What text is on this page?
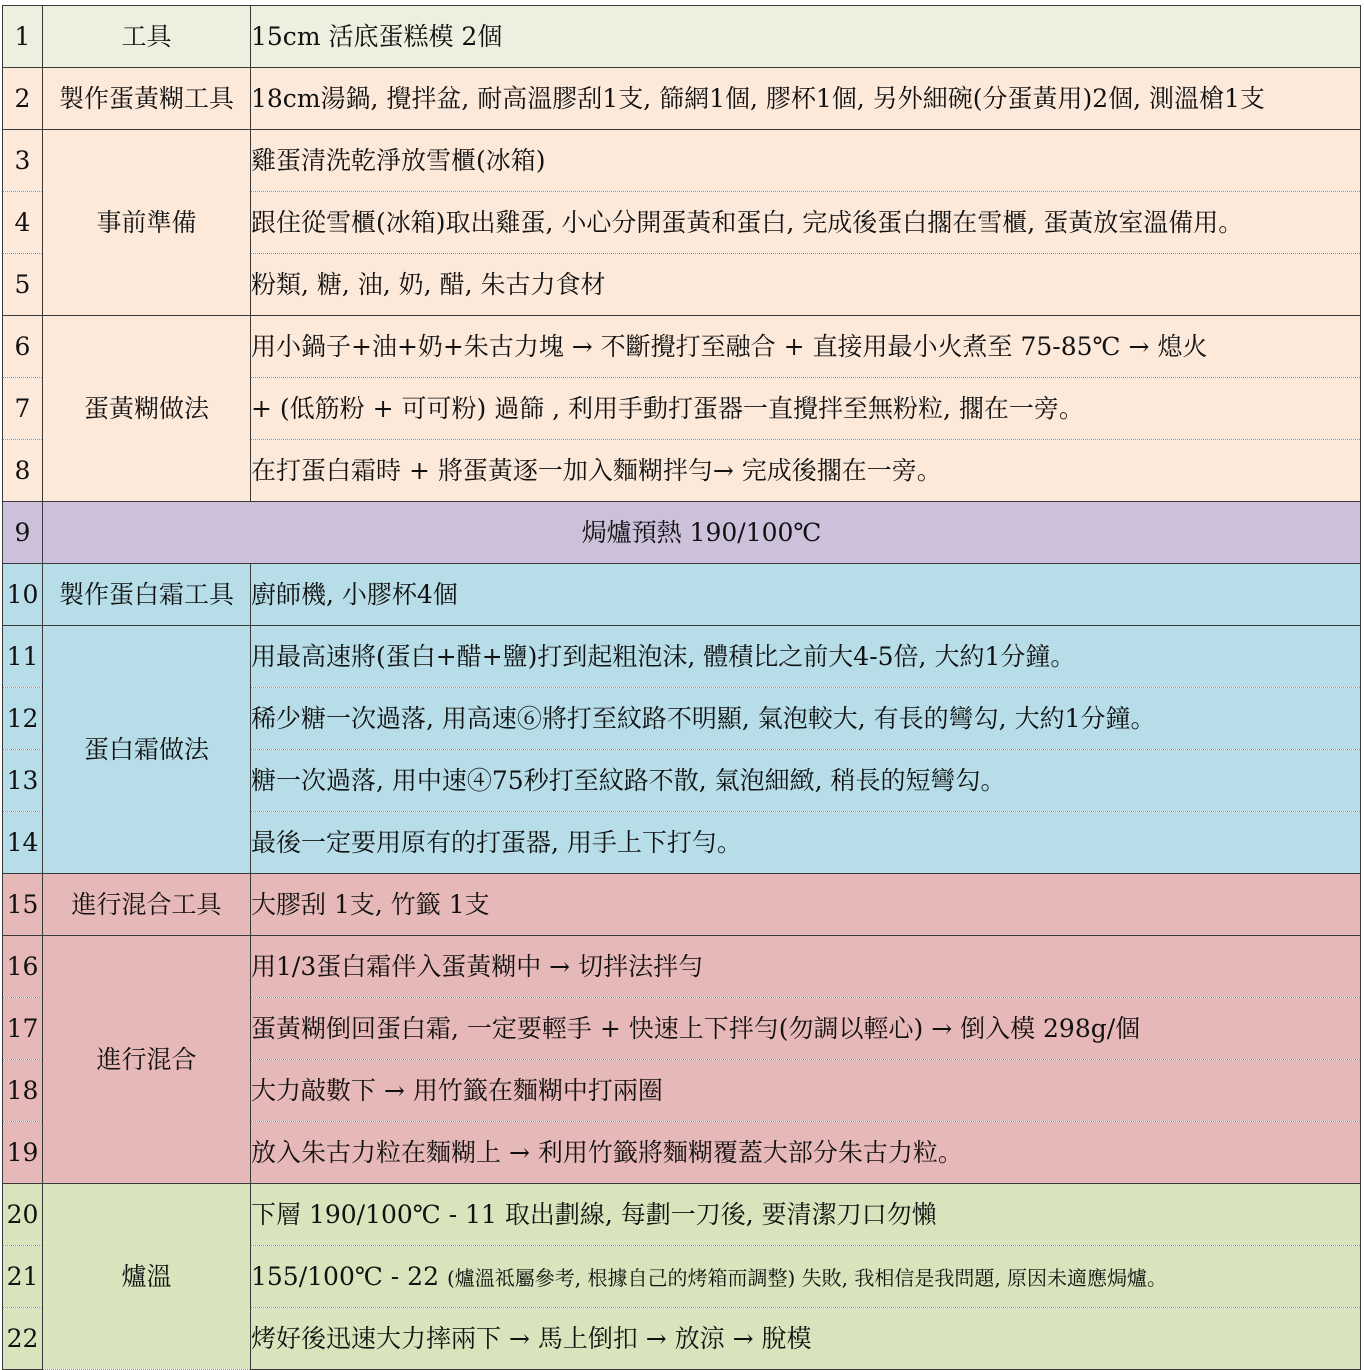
1	工具	15cm 活底蛋糕模 2個
2	製作蛋黃糊工具	18cm湯鍋, 攪拌盆, 耐高溫膠刮1支, 篩網1個, 膠杯1個, 另外細碗(分蛋黃用)2個, 測溫槍1支
3	事前準備	雞蛋清洗乾淨放雪櫃(冰箱)
4		跟住從雪櫃(冰箱)取出雞蛋, 小心分開蛋黃和蛋白, 完成後蛋白擱在雪櫃, 蛋黃放室溫備用。
5		粉類, 糖, 油, 奶, 醋, 朱古力食材
6	蛋黃糊做法	用小鍋子+油+奶+朱古力塊 → 不斷攪打至融合 + 直接用最小火煮至 75-85℃ → 熄火
7		+ (低筋粉 + 可可粉) 過篩 , 利用手動打蛋器一直攪拌至無粉粒, 擱在一旁。
8		在打蛋白霜時 + 將蛋黃逐一加入麵糊拌勻→ 完成後擱在一旁。
9	焗爐預熱 190/100℃	
10	製作蛋白霜工具	廚師機, 小膠杯4個
11	蛋白霜做法	用最高速將(蛋白+醋+鹽)打到起粗泡沫, 體積比之前大4-5倍, 大約1分鐘。
12		稀少糖一次過落, 用高速⑥將打至紋路不明顯, 氣泡較大, 有長的彎勾, 大約1分鐘。
13		糖一次過落, 用中速④75秒打至紋路不散, 氣泡細緻, 稍長的短彎勾。
14		最後一定要用原有的打蛋器, 用手上下打勻。
15	進行混合工具	大膠刮 1支, 竹籤 1支
16	進行混合	用1/3蛋白霜伴入蛋黃糊中 → 切拌法拌勻
17		蛋黃糊倒回蛋白霜, 一定要輕手 + 快速上下拌勻(勿調以輕心) → 倒入模 298g/個
18		大力敲數下 → 用竹籤在麵糊中打兩圈
19		放入朱古力粒在麵糊上 → 利用竹籤將麵糊覆蓋大部分朱古力粒。
20	爐溫	下層 190/100℃ - 11 取出劃線, 每劃一刀後, 要清潔刀口勿懶
21		155/100℃ - 22 (爐溫祗屬參考, 根據自己的烤箱而調整) 失敗, 我相信是我問題, 原因未適應焗爐。
22		烤好後迅速大力摔兩下 → 馬上倒扣 → 放涼 → 脫模
